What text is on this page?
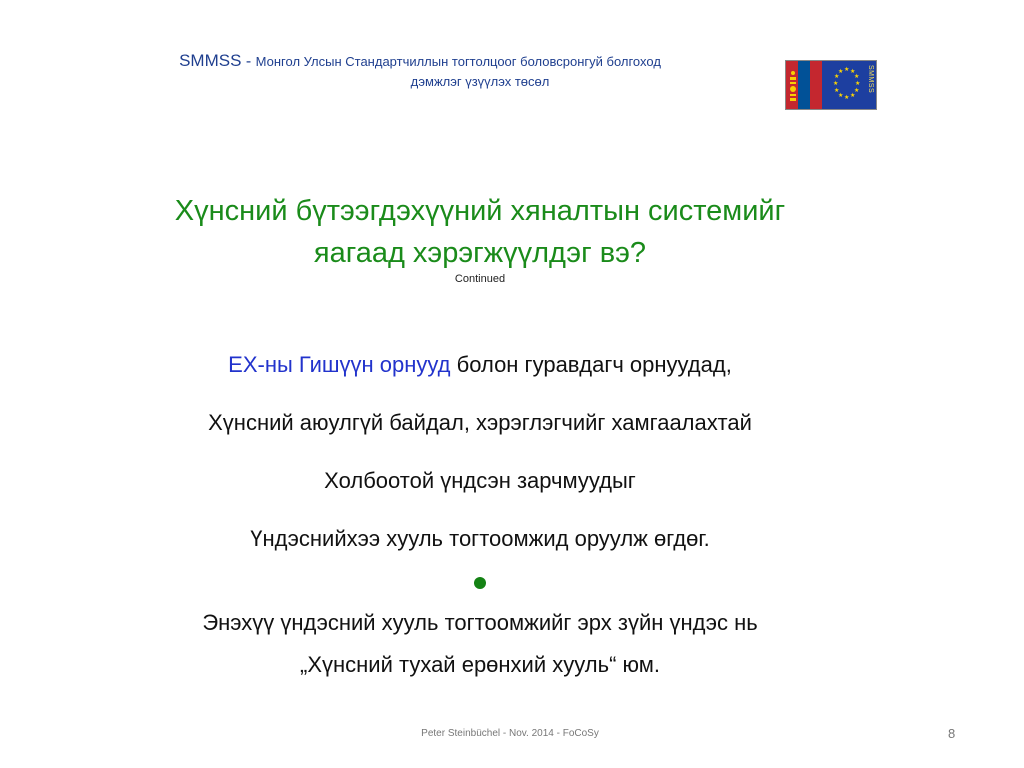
SMMSS - Монгол Улсын Стандартчиллын тогтолцоог боловсронгуй болгоход
дэмжлэг үзүүлэх төсөл
★ ★
★
★
★
★
★
★
★
★
★
★	SMMSS
Хүнсний бүтээгдэхүүний хяналтын системийг
яагаад хэрэгжүүлдэг вэ?
Continued
ЕХ-ны Гишүүн орнууд болон гуравдагч орнуудад,
Хүнсний аюулгүй байдал, хэрэглэгчийг хамгаалахтай
Холбоотой үндсэн зарчмуудыг
Үндэснийхээ хууль тогтоомжид оруулж өгдөг.
Энэхүү үндэсний хууль тогтоомжийг эрх зүйн үндэс нь
„Хүнсний тухай ерөнхий хууль“ юм.
Peter Steinbüchel - Nov. 2014 - FoCoSy	8
